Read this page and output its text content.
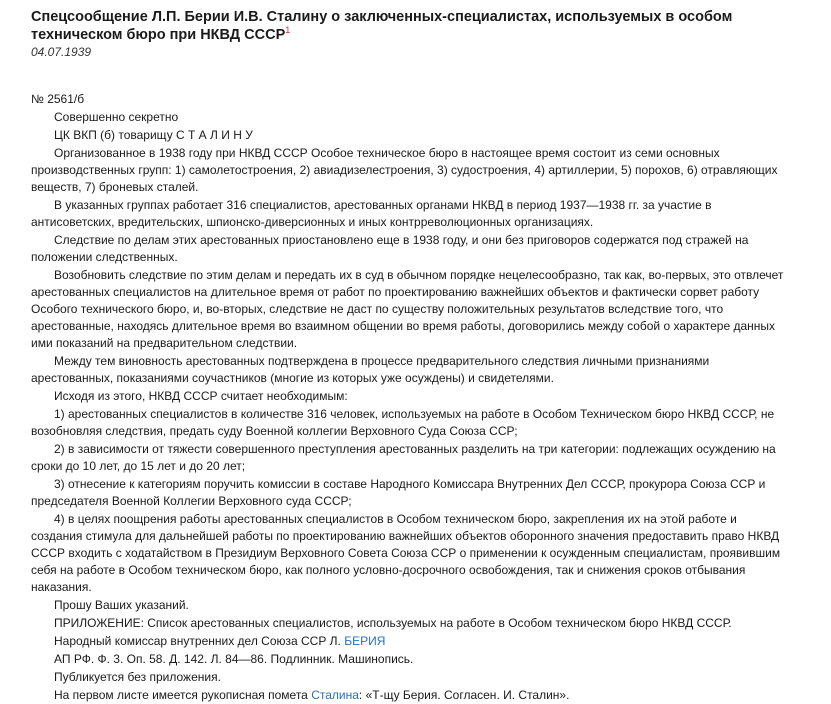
Спецсообщение Л.П. Берии И.В. Сталину о заключенных-специалистах, используемых в особом техническом бюро при НКВД СССР$^1$
04.07.1939

№ 2561/б

Совершенно секретно

ЦК ВКП (б) товарищу С Т А Л И Н У

Организованное в 1938 году при НКВД СССР Особое техническое бюро в настоящее время состоит из семи основных производственных групп: 1) самолетостроения, 2) авиадизелестроения, 3) судостроения, 4) артиллерии, 5) порохов, 6) отравляющих веществ, 7) броневых сталей.

В указанных группах работает 316 специалистов, арестованных органами НКВД в период 1937—1938 гг. за участие в антисоветских, вредительских, шпионско-диверсионных и иных контрреволюционных организациях.

Следствие по делам этих арестованных приостановлено еще в 1938 году, и они без приговоров содержатся под стражей на положении следственных.

Возобновить следствие по этим делам и передать их в суд в обычном порядке нецелесообразно, так как, во-первых, это отвлечет арестованных специалистов на длительное время от работ по проектированию важнейших объектов и фактически сорвет работу Особого технического бюро, и, во-вторых, следствие не даст по существу положительных результатов вследствие того, что арестованные, находясь длительное время во взаимном общении во время работы, договорились между собой о характере данных ими показаний на предварительном следствии.

Между тем виновность арестованных подтверждена в процессе предварительного следствия личными признаниями арестованных, показаниями соучастников (многие из которых уже осуждены) и свидетелями.

Исходя из этого, НКВД СССР считает необходимым:

1) арестованных специалистов в количестве 316 человек, используемых на работе в Особом Техническом бюро НКВД СССР, не возобновляя следствия, предать суду Военной коллегии Верховного Суда Союза ССР;

2) в зависимости от тяжести совершенного преступления арестованных разделить на три категории: подлежащих осуждению на сроки до 10 лет, до 15 лет и до 20 лет;

3) отнесение к категориям поручить комиссии в составе Народного Комиссара Внутренних Дел СССР, прокурора Союза ССР и председателя Военной Коллегии Верховного суда СССР;

4) в целях поощрения работы арестованных специалистов в Особом техническом бюро, закрепления их на этой работе и создания стимула для дальнейшей работы по проектированию важнейших объектов оборонного значения предоставить право НКВД СССР входить с ходатайством в Президиум Верховного Совета Союза ССР о применении к осужденным специалистам, проявившим себя на работе в Особом техническом бюро, как полного условно-досрочного освобождения, так и снижения сроков отбывания наказания.

Прошу Ваших указаний.

ПРИЛОЖЕНИЕ: Список арестованных специалистов, используемых на работе в Особом техническом бюро НКВД СССР.

Народный комиссар внутренних дел Союза ССР Л. БЕРИЯ

АП РФ. Ф. 3. Оп. 58. Д. 142. Л. 84—86. Подлинник. Машинопись.

Публикуется без приложения.

На первом листе имеется рукописная помета Сталина: «Т-щу Берия. Согласен. И. Сталин».
